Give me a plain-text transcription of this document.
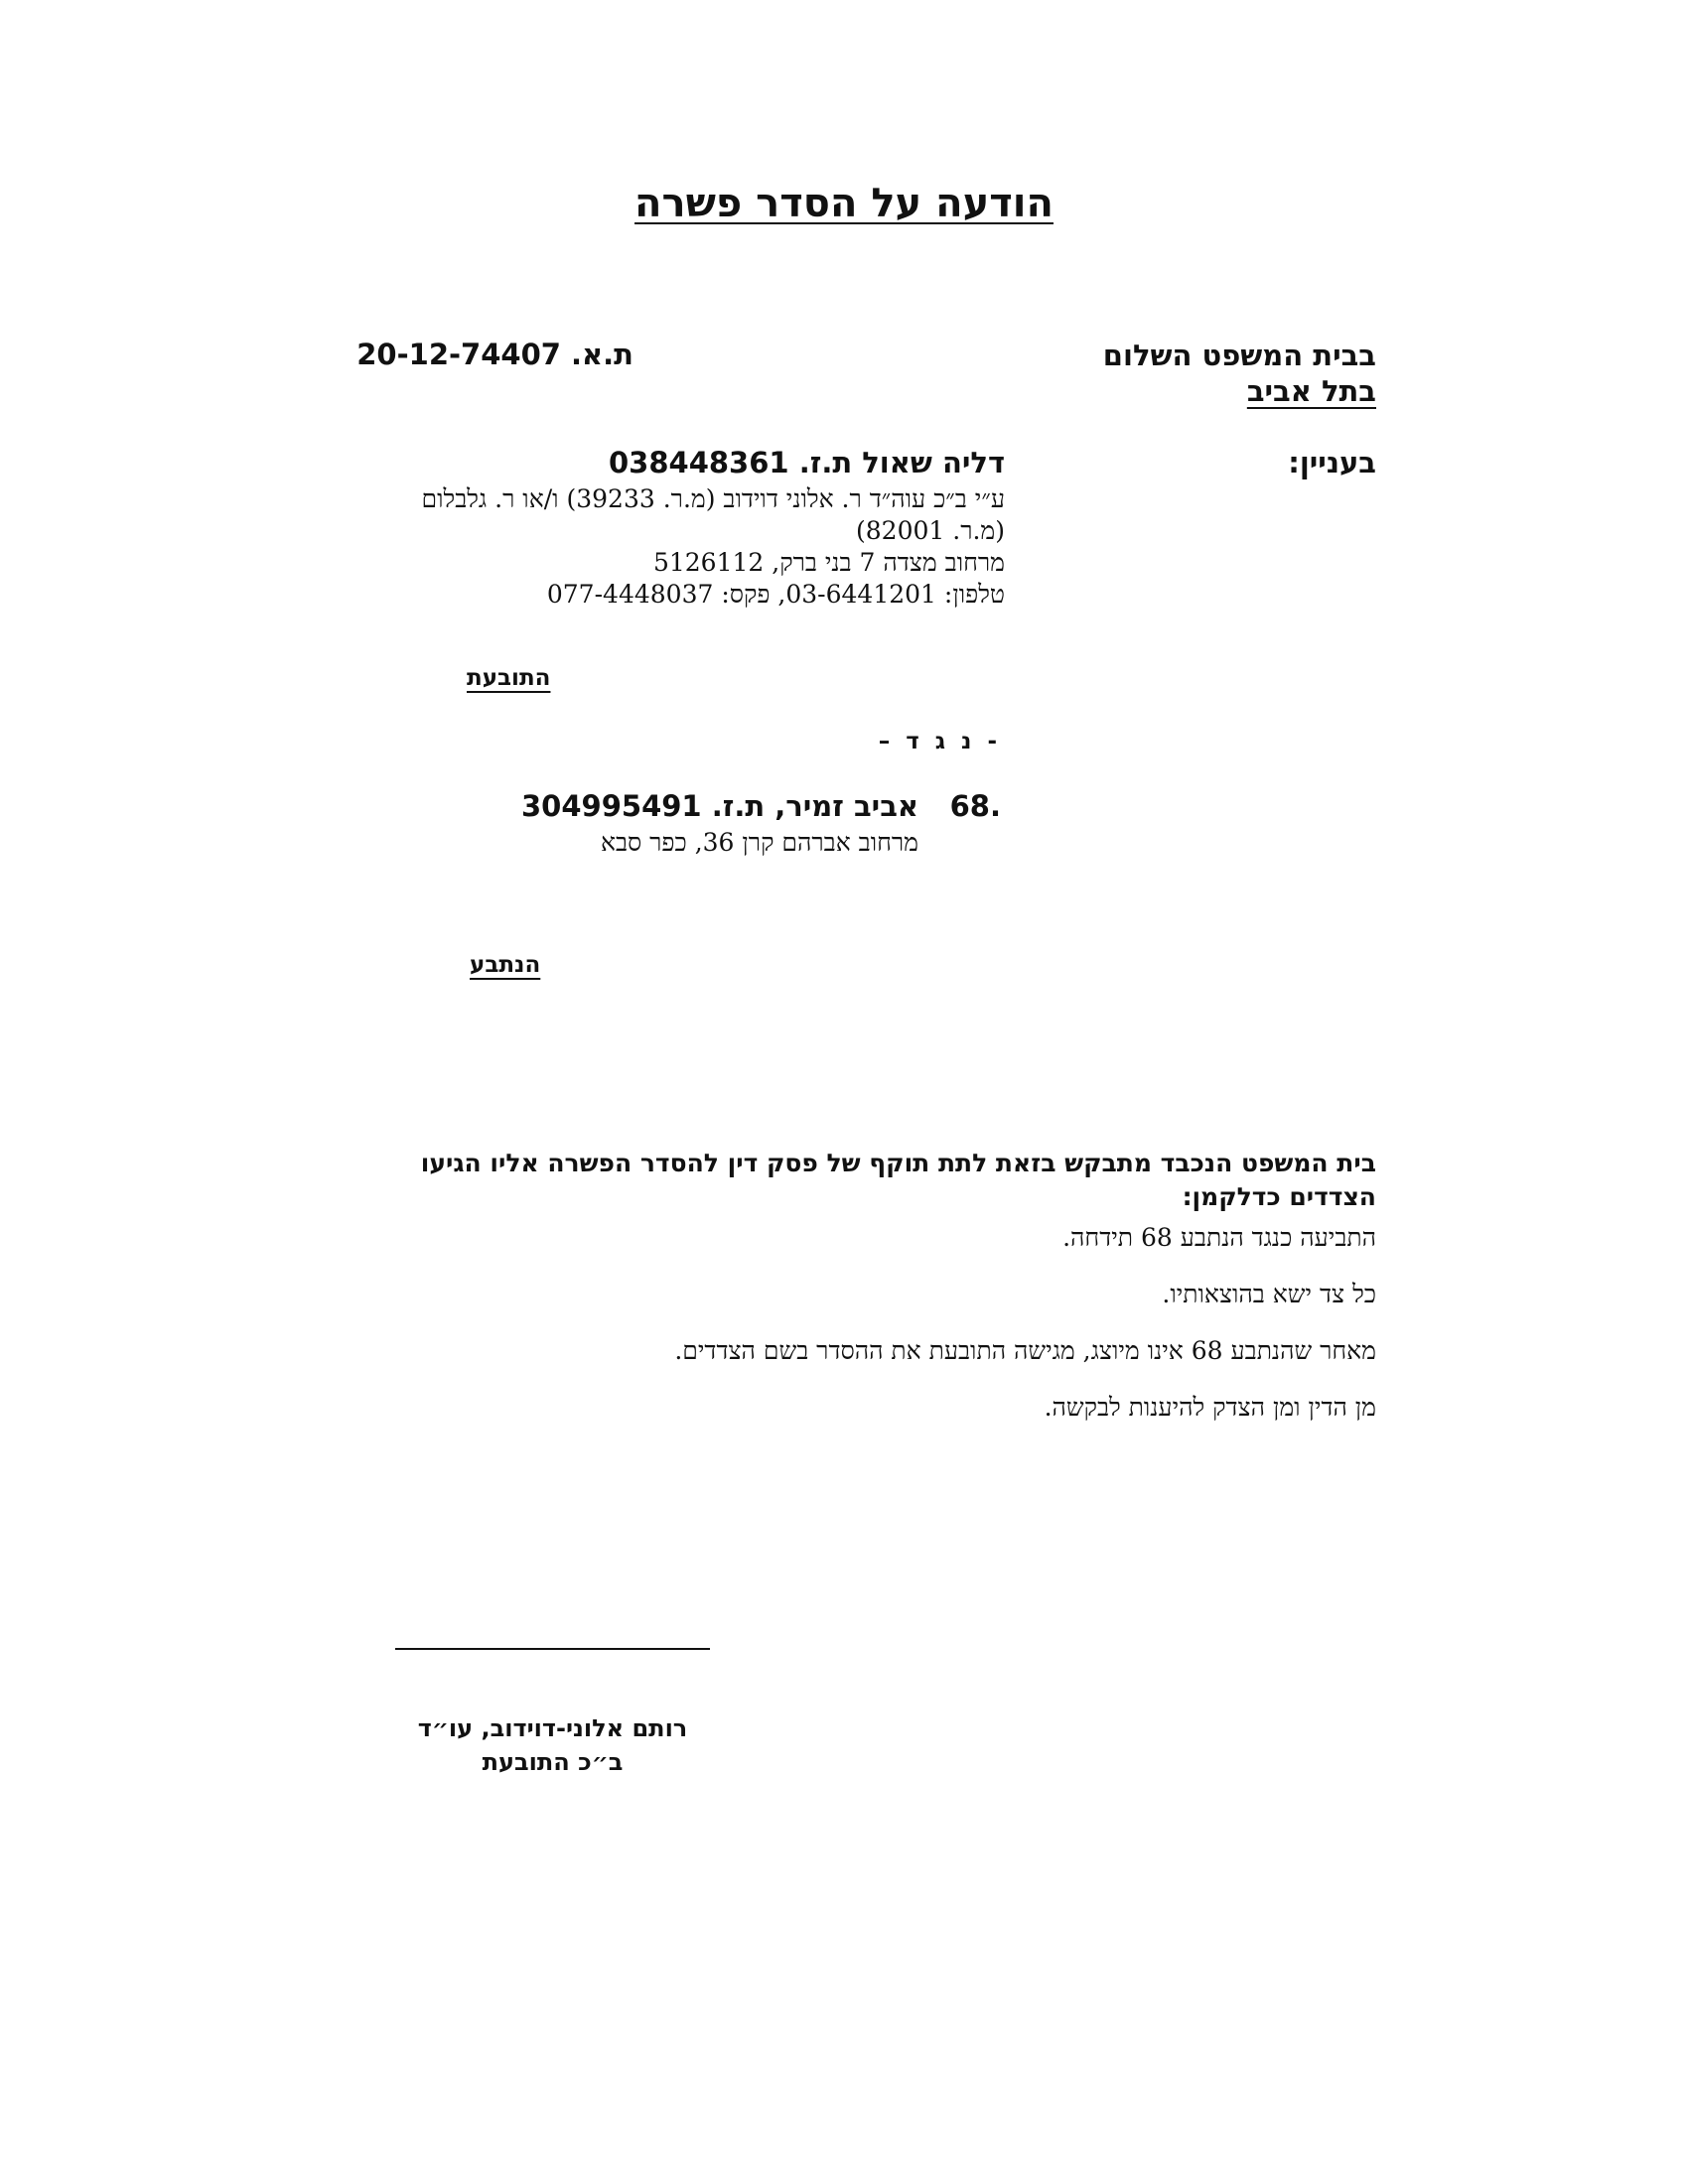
הודעה על הסדר פשרה
בבית המשפט השלום
בתל אביב
ת.א. 20-12-74407
בעניין:
דליה שאול ת.ז. 038448361
ע״י ב״כ עוה״ד ר. אלוני דוידוב (מ.ר. 39233) ו/או ר. גלבלום
(מ.ר. 82001)
מרחוב מצדה 7 בני ברק, 5126112
טלפון: 03-6441201, פקס: 077-4448037
התובעת
- נ ג ד –
68.
אביב זמיר, ת.ז. 304995491
מרחוב אברהם קרן 36, כפר סבא
הנתבע
בית המשפט הנכבד מתבקש בזאת לתת תוקף של פסק דין להסדר הפשרה אליו הגיעו הצדדים כדלקמן:
התביעה כנגד הנתבע 68 תידחה.
כל צד ישא בהוצאותיו.
מאחר שהנתבע 68 אינו מיוצג, מגישה התובעת את ההסדר בשם הצדדים.
מן הדין ומן הצדק להיענות לבקשה.
רותם אלוני-דוידוב, עו״ד
ב״כ התובעת
